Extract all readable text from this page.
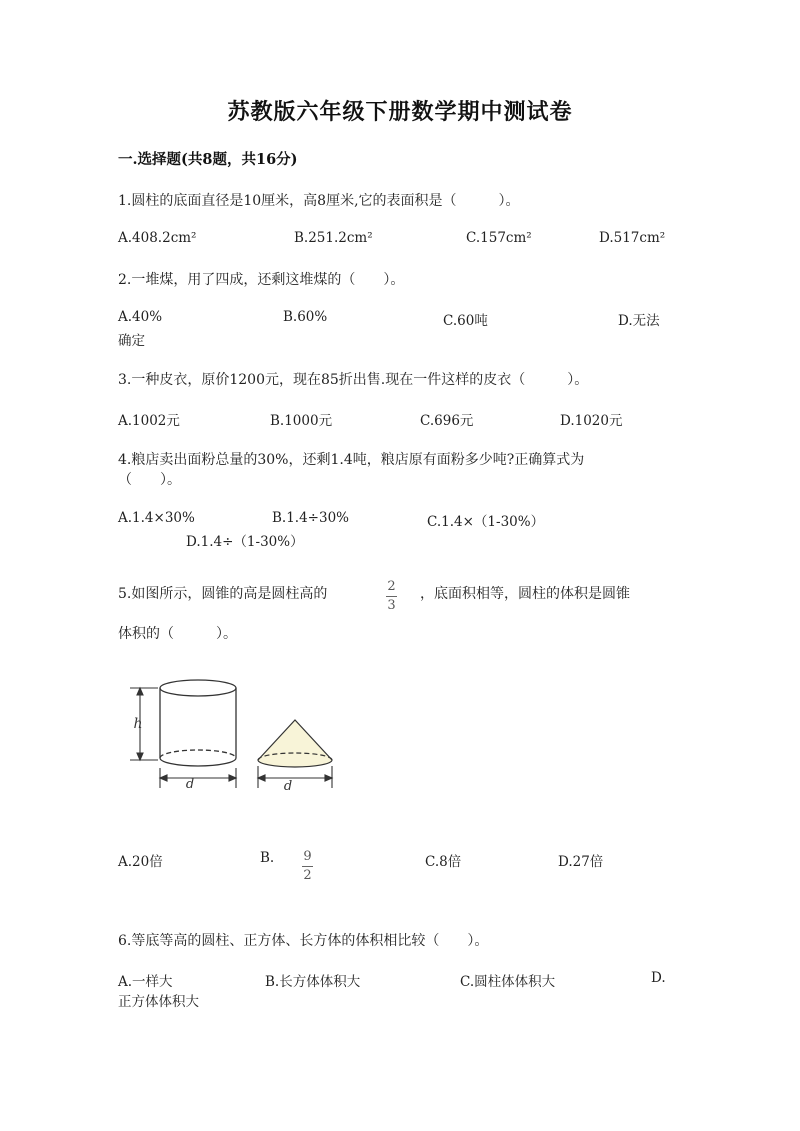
苏教版六年级下册数学期中测试卷
一.选择题(共8题，共16分)
1.圆柱的底面直径是10厘米，高8厘米,它的表面积是（　　　）。
A.408.2cm²	B.251.2cm²	C.157cm²	D.517cm²
2.一堆煤，用了四成，还剩这堆煤的（　　）。
A.40%	B.60%	C.60吨	D.无法
确定
3.一种皮衣，原价1200元，现在85折出售.现在一件这样的皮衣（　　　）。
A.1002元	B.1000元	C.696元	D.1020元
4.粮店卖出面粉总量的30%，还剩1.4吨，粮店原有面粉多少吨?正确算式为
（　　）。
A.1.4×30%	B.1.4÷30%	C.1.4×（1-30%）
D.1.4÷（1-30%）
5.如图所示，圆锥的高是圆柱高的	$\frac{2}{3}$ ，底面积相等，圆柱的体积是圆锥
体积的（　　　）。
h
d	d
A.20倍	B. $\frac{9}{2}$	C.8倍	D.27倍
6.等底等高的圆柱、正方体、长方体的体积相比较（　　）。
A.一样大	B.长方体体积大	C.圆柱体体积大	D.
正方体体积大
